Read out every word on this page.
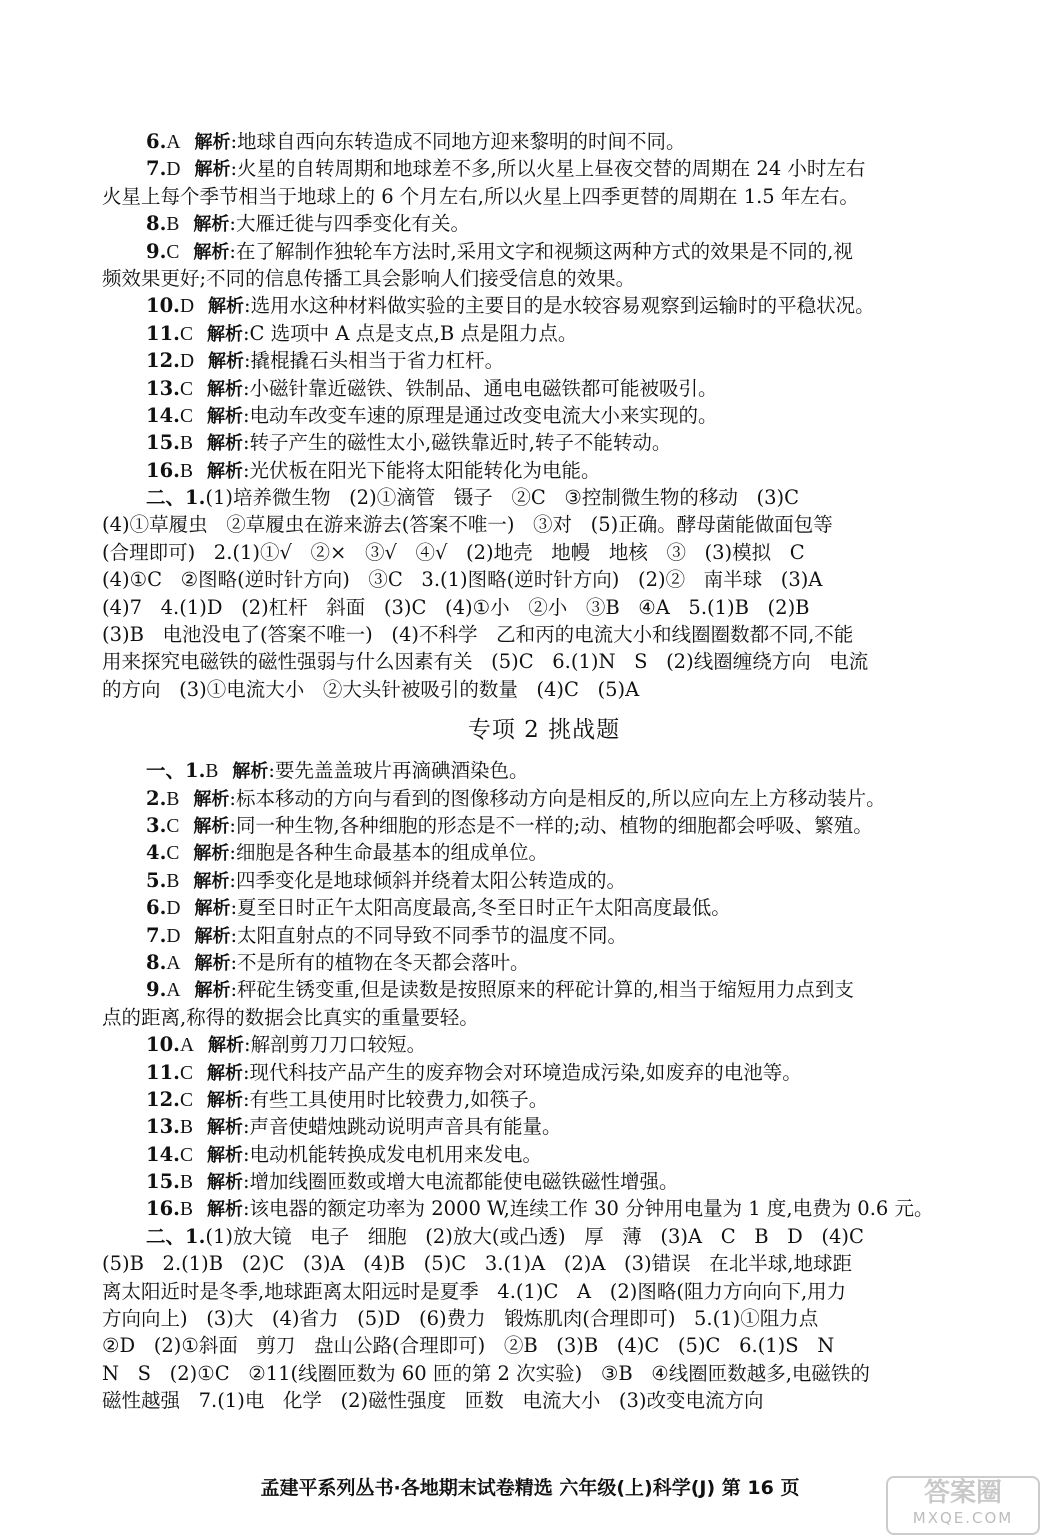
6.A 解析:地球自西向东转造成不同地方迎来黎明的时间不同。
7.D 解析:火星的自转周期和地球差不多,所以火星上昼夜交替的周期在 24 小时左右
火星上每个季节相当于地球上的 6 个月左右,所以火星上四季更替的周期在 1.5 年左右。
8.B 解析:大雁迁徙与四季变化有关。
9.C 解析:在了解制作独轮车方法时,采用文字和视频这两种方式的效果是不同的,视
频效果更好;不同的信息传播工具会影响人们接受信息的效果。
10.D 解析:选用水这种材料做实验的主要目的是水较容易观察到运输时的平稳状况。
11.C 解析:C 选项中 A 点是支点,B 点是阻力点。
12.D 解析:撬棍撬石头相当于省力杠杆。
13.C 解析:小磁针靠近磁铁、铁制品、通电电磁铁都可能被吸引。
14.C 解析:电动车改变车速的原理是通过改变电流大小来实现的。
15.B 解析:转子产生的磁性太小,磁铁靠近时,转子不能转动。
16.B 解析:光伏板在阳光下能将太阳能转化为电能。
二、1.(1)培养微生物   (2)①滴管   镊子   ②C   ③控制微生物的移动   (3)C
(4)①草履虫   ②草履虫在游来游去(答案不唯一)   ③对   (5)正确。酵母菌能做面包等
(合理即可)   2.(1)①√   ②×   ③√   ④√   (2)地壳   地幔   地核   ③   (3)模拟   C
(4)①C   ②图略(逆时针方向)   ③C   3.(1)图略(逆时针方向)   (2)②   南半球   (3)A
(4)7   4.(1)D   (2)杠杆   斜面   (3)C   (4)①小   ②小   ③B   ④A   5.(1)B   (2)B
(3)B   电池没电了(答案不唯一)   (4)不科学   乙和丙的电流大小和线圈圈数都不同,不能
用来探究电磁铁的磁性强弱与什么因素有关   (5)C   6.(1)N   S   (2)线圈缠绕方向   电流
的方向   (3)①电流大小   ②大头针被吸引的数量   (4)C   (5)A
专项 2 挑战题
一、1.B 解析:要先盖盖玻片再滴碘酒染色。
2.B 解析:标本移动的方向与看到的图像移动方向是相反的,所以应向左上方移动装片。
3.C 解析:同一种生物,各种细胞的形态是不一样的;动、植物的细胞都会呼吸、繁殖。
4.C 解析:细胞是各种生命最基本的组成单位。
5.B 解析:四季变化是地球倾斜并绕着太阳公转造成的。
6.D 解析:夏至日时正午太阳高度最高,冬至日时正午太阳高度最低。
7.D 解析:太阳直射点的不同导致不同季节的温度不同。
8.A 解析:不是所有的植物在冬天都会落叶。
9.A 解析:秤砣生锈变重,但是读数是按照原来的秤砣计算的,相当于缩短用力点到支
点的距离,称得的数据会比真实的重量要轻。
10.A 解析:解剖剪刀刀口较短。
11.C 解析:现代科技产品产生的废弃物会对环境造成污染,如废弃的电池等。
12.C 解析:有些工具使用时比较费力,如筷子。
13.B 解析:声音使蜡烛跳动说明声音具有能量。
14.C 解析:电动机能转换成发电机用来发电。
15.B 解析:增加线圈匝数或增大电流都能使电磁铁磁性增强。
16.B 解析:该电器的额定功率为 2000 W,连续工作 30 分钟用电量为 1 度,电费为 0.6 元。
二、1.(1)放大镜   电子   细胞   (2)放大(或凸透)   厚   薄   (3)A   C   B   D   (4)C
(5)B   2.(1)B   (2)C   (3)A   (4)B   (5)C   3.(1)A   (2)A   (3)错误   在北半球,地球距
离太阳近时是冬季,地球距离太阳远时是夏季   4.(1)C   A   (2)图略(阻力方向向下,用力
方向向上)   (3)大   (4)省力   (5)D   (6)费力   锻炼肌肉(合理即可)   5.(1)①阻力点
②D   (2)①斜面   剪刀   盘山公路(合理即可)   ②B   (3)B   (4)C   (5)C   6.(1)S   N
N   S   (2)①C   ②11(线圈匝数为 60 匝的第 2 次实验)   ③B   ④线圈匝数越多,电磁铁的
磁性越强   7.(1)电   化学   (2)磁性强度   匝数   电流大小   (3)改变电流方向
孟建平系列丛书·各地期末试卷精选 六年级(上)科学(J) 第 16 页	答案圈
MXQE.COM
